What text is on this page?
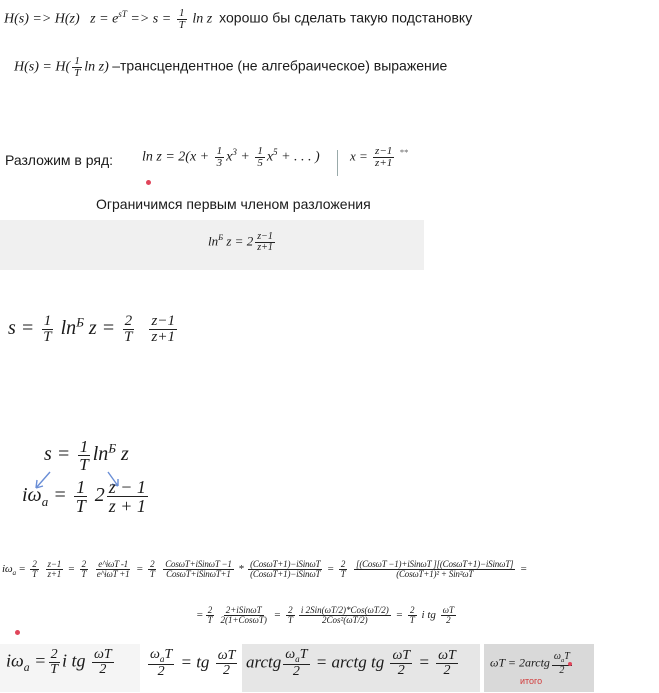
H(s) => H(z) $z = e^{sT} => s = \frac{1}{T}$ ln z хорошо бы сделать такую подстановку
$H(s) = H( \frac{1}{T}$ ln z) –трансцендентное (не алгебраическое) выражение
Разложим в ряд: $\ln z = 2(x + \frac{1}{3} x^3 + \frac{1}{5} x^5$ + . . . ) $x = \frac{z-1}{z+1} ^{**}$
Ограничимся первым членом разложения
$\ln^Б z = 2 \frac{z-1}{z+1}$
$s = \frac{1}{T} \ln^Б z = \frac{2}{T}$
$\frac{z-1}{z+1}$
$s = \frac{1}{T} \ln^Б z$
$i\omega_а = \frac{1}{T} 2 \frac{z - 1}{z + 1}$
$i\omega_а = \frac{2}{T}$
$\frac{z-1}{z+1} = \frac{2}{T}$
$\frac{\text{e\textasciicircum{}iωT -1}}{\text{e\textasciicircum{}iωT +1}} = \frac{2}{T}$
$\frac{\text{CosωT+iSinωT −1}}{\text{CosωT+iSinωT+1}} * \frac{\text{(CosωT+1)−iSinωT}}{\text{(CosωT+1)−iSinωT}} = \frac{2}{T}$
$\frac{\text{[(CosωT −1)+iSinωT ][(CosωT+1)−iSinωT]}}{\text{(CosωT+1)² + Sin²ωT}}$ =
= $\frac{2}{T} \frac{\text{2+iSinωT}}{\text{2(1+CosωT)}} = \frac{2}{T} \frac{\text{i 2Sin(ωT/2)*Cos(ωT/2)}}{\text{2Cos²(ωT/2)}} = \frac{2}{T}$ i tg $\frac{\omega T}{2}$
$i\omega_а = \frac{2}{T}$ i tg $\frac{\omega T}{2} \frac{\omega_аT}{2}$ = tg $\frac{\omega T}{2}$ arctg $\frac{\omega_аT}{2}$ = arctg tg $\frac{\omega T}{2} = \frac{\omega T}{2}$	ωT = 2arctg $\frac{\omega_аT}{2}$
итого
